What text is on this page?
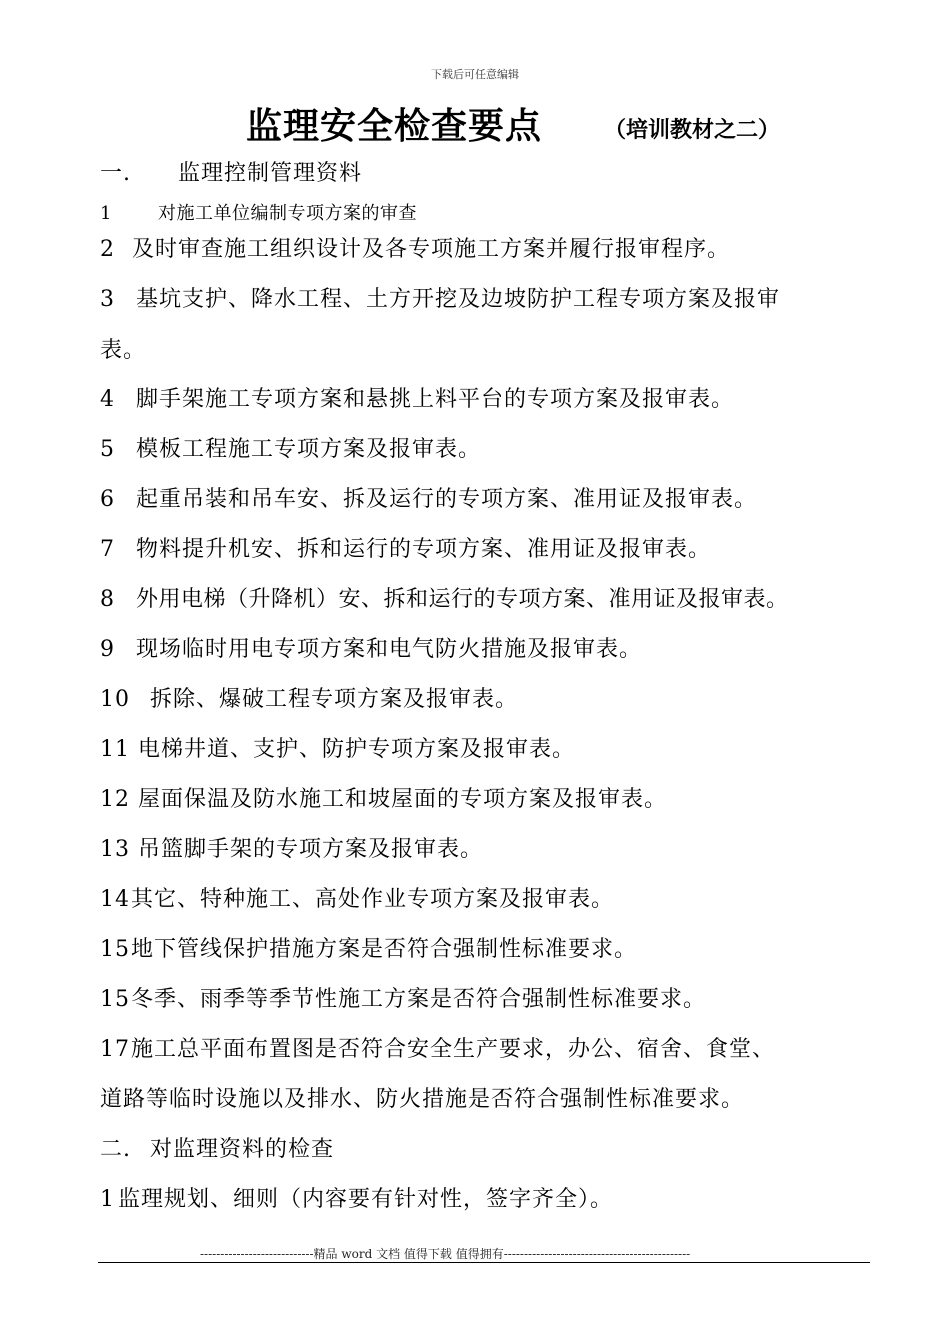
下载后可任意编辑
监理安全检查要点	（培训教材之二）
一. 监理控制管理资料
1	对施工单位编制专项方案的审查
2 及时审查施工组织设计及各专项施工方案并履行报审程序。
3 基坑支护、降水工程、土方开挖及边坡防护工程专项方案及报审
表。
4 脚手架施工专项方案和悬挑上料平台的专项方案及报审表。
5 模板工程施工专项方案及报审表。
6 起重吊装和吊车安、拆及运行的专项方案、准用证及报审表。
7 物料提升机安、拆和运行的专项方案、准用证及报审表。
8 外用电梯（升降机）安、拆和运行的专项方案、准用证及报审表。
9 现场临时用电专项方案和电气防火措施及报审表。
10 拆除、爆破工程专项方案及报审表。
11 电梯井道、支护、防护专项方案及报审表。
12 屋面保温及防水施工和坡屋面的专项方案及报审表。
13 吊篮脚手架的专项方案及报审表。
14其它、特种施工、高处作业专项方案及报审表。
15地下管线保护措施方案是否符合强制性标准要求。
15冬季、雨季等季节性施工方案是否符合强制性标准要求。
17施工总平面布置图是否符合安全生产要求，办公、宿舍、食堂、
道路等临时设施以及排水、防火措施是否符合强制性标准要求。
二. 对监理资料的检查
1 监理规划、细则（内容要有针对性，签字齐全）。
----------------------------精品 word 文档 值得下载 值得拥有----------------------------------------------
